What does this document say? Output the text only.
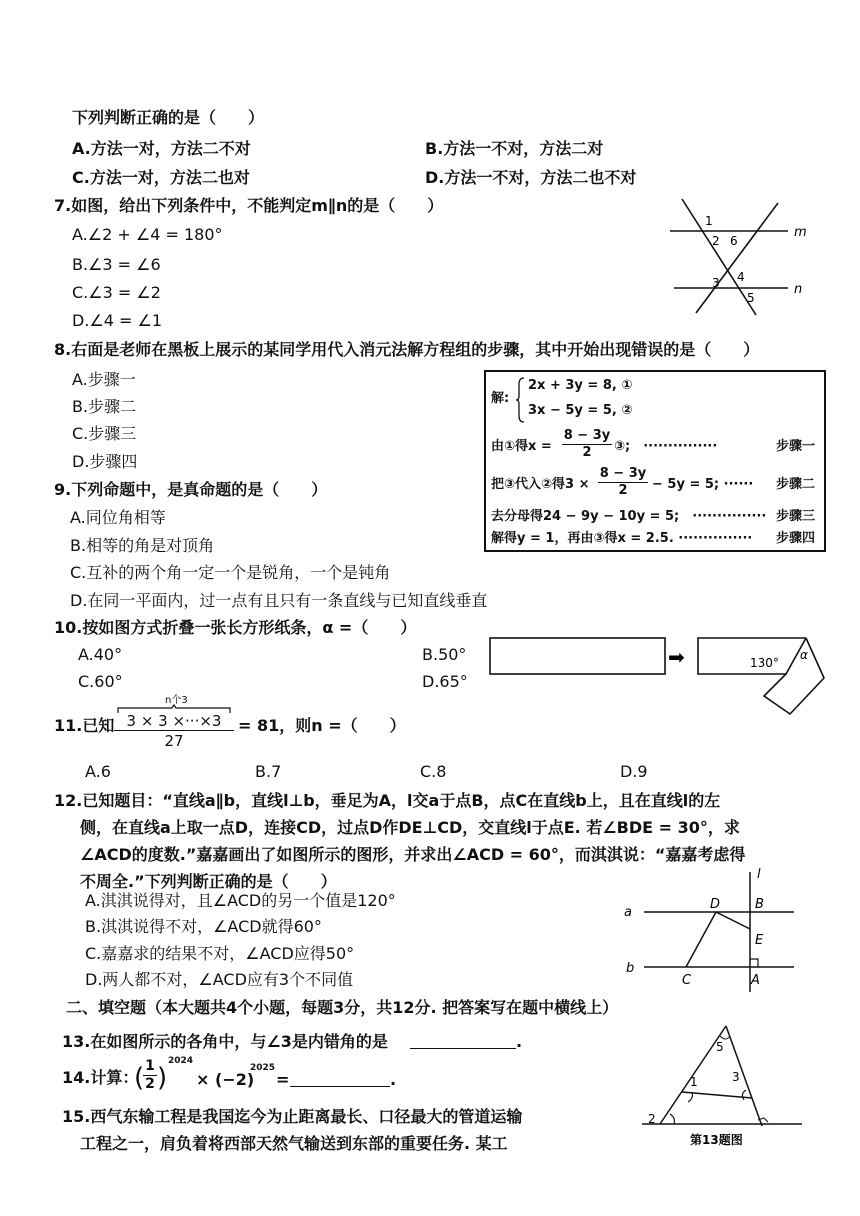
下列判断正确的是（　　）
A.方法一对，方法二不对	B.方法一不对，方法二对
C.方法一对，方法二也对	D.方法一不对，方法二也不对
7.如图，给出下列条件中，不能判定m∥n的是（　　）
A.∠2 + ∠4 = 180°
B.∠3 = ∠6
C.∠3 = ∠2
D.∠4 = ∠1
1
2 6
3 4
5
m
n
8.右面是老师在黑板上展示的某同学用代入消元法解方程组的步骤，其中开始出现错误的是（　　）
A.步骤一
B.步骤二
C.步骤三
D.步骤四
解:
2x + 3y = 8, ①
3x − 5y = 5, ②
由①得$x = \frac{8 - 3y}{2}$ ③;　···············	步骤一
把③代入②得$3 \times \frac{8 - 3y}{2} - 5y = 5$; ······ 步骤二
去分母得24 − 9y − 10y = 5;　··············· 步骤三
解得y = 1，再由③得x = 2.5. ··············· 步骤四
9.下列命题中，是真命题的是（　　）
A.同位角相等
B.相等的角是对顶角
C.互补的两个角一定一个是锐角，一个是钝角
D.在同一平面内，过一点有且只有一条直线与已知直线垂直
10.按如图方式折叠一张长方形纸条，α =（　　）
A.40°	B.50°
C.60°	D.65°
➡	130°
α
11.已知
n个3
$\frac{3 \times 3 \times\cdot\cdot\cdot\times 3}{27} = 81$，则n =（　　）
A.6	B.7	C.8	D.9
12.已知题目：“直线a∥b，直线l⊥b，垂足为A，l交a于点B，点C在直线b上，且在直线l的左
侧，在直线a上取一点D，连接CD，过点D作DE⊥CD，交直线l于点E. 若∠BDE = 30°，求
∠ACD的度数.”嘉嘉画出了如图所示的图形，并求出∠ACD = 60°，而淇淇说：“嘉嘉考虑得
不周全.”下列判断正确的是（　　）
A.淇淇说得对，且∠ACD的另一个值是120°
B.淇淇说得不对，∠ACD就得60°
C.嘉嘉求的结果不对，∠ACD应得50°
D.两人都不对，∠ACD应有3个不同值
l
a
b
D	B
E
C	A
二、填空题（本大题共4个小题，每题3分，共12分. 把答案写在题中横线上）
13.在如图所示的各角中，与∠3是内错角的是	.
14.计算：
(
$\frac{1}{2}$ )
2024
× (−2)
2025
=	.
5
1	3
2
第13题图
15.西气东输工程是我国迄今为止距离最长、口径最大的管道运输
工程之一，肩负着将西部天然气输送到东部的重要任务. 某工
